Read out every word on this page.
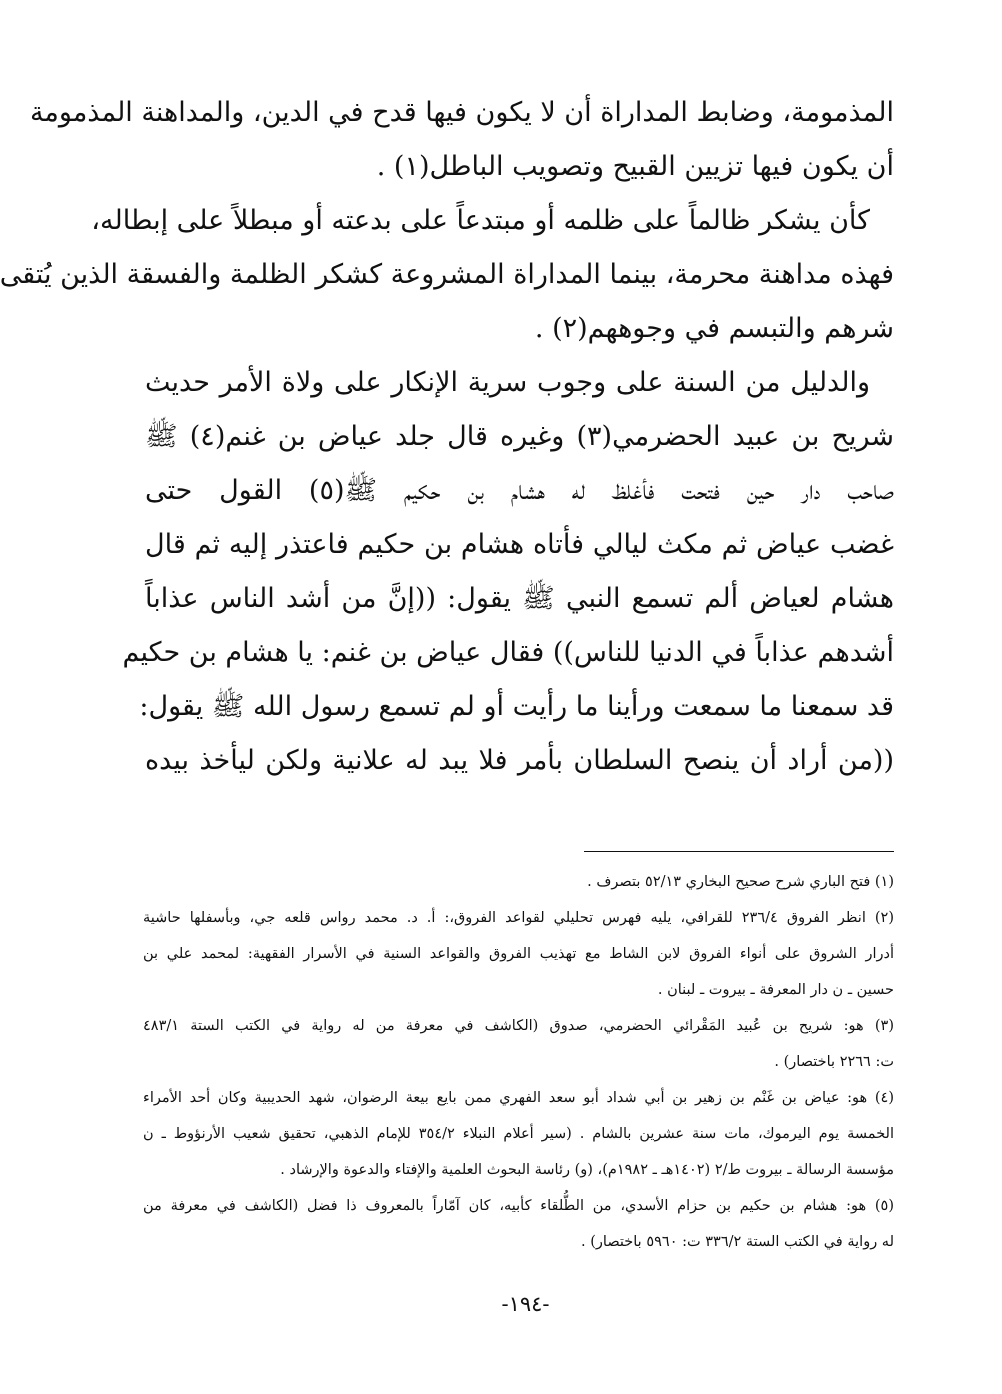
المذمومة، وضابط المداراة أن لا يكون فيها قدح في الدين، والمداهنة المذمومة
أن يكون فيها تزيين القبيح وتصويب الباطل(١) .
كأن يشكر ظالماً على ظلمه أو مبتدعاً على بدعته أو مبطلاً على إبطاله،
فهذه مداهنة محرمة، بينما المداراة المشروعة كشكر الظلمة والفسقة الذين يُتقى
شرهم والتبسم في وجوههم(٢) .
والدليل من السنة على وجوب سرية الإنكار على ولاة الأمر حديث
شريح بن عبيد الحضرمي(٣) وغيره قال جلد عياض بن غنم(٤) ﷺ
صاحب دار حين فتحت فأغلظ له هشام بن حكيم ﷺ(٥) القول حتى
غضب عياض ثم مكث ليالي فأتاه هشام بن حكيم فاعتذر إليه ثم قال
هشام لعياض ألم تسمع النبي ﷺ يقول: ((إنَّ من أشد الناس عذاباً
أشدهم عذاباً في الدنيا للناس)) فقال عياض بن غنم: يا هشام بن حكيم
قد سمعنا ما سمعت ورأينا ما رأيت أو لم تسمع رسول الله ﷺ يقول:
((من أراد أن ينصح السلطان بأمر فلا يبد له علانية ولكن ليأخذ بيده
(١) فتح الباري شرح صحيح البخاري ٥٢/١٣ بتصرف .
(٢) انظر الفروق ٢٣٦/٤ للقرافي، يليه فهرس تحليلي لقواعد الفروق،: أ. د. محمد رواس قلعه جي، وبأسفلها حاشية
أدرار الشروق على أنواء الفروق لابن الشاط مع تهذيب الفروق والقواعد السنية في الأسرار الفقهية: لمحمد علي بن
حسين ـ ن دار المعرفة ـ بيروت ـ لبنان .
(٣) هو: شريح بن عُبيد المَقْرائي الحضرمي، صدوق (الكاشف في معرفة من له رواية في الكتب الستة ٤٨٣/١
ت: ٢٢٦٦ باختصار) .
(٤) هو: عياض بن غَنْم بن زهير بن أبي شداد أبو سعد الفهري ممن بايع بيعة الرضوان، شهد الحديبية وكان أحد الأمراء
الخمسة يوم اليرموك، مات سنة عشرين بالشام . (سير أعلام النبلاء ٣٥٤/٢ للإمام الذهبي، تحقيق شعيب الأرنؤوط ـ ن
مؤسسة الرسالة ـ بيروت ط/٢ (١٤٠٢هـ ـ ١٩٨٢م)، (و) رئاسة البحوث العلمية والإفتاء والدعوة والإرشاد .
(٥) هو: هشام بن حكيم بن حزام الأسدي، من الطُّلقاء كأبيه، كان آمّاراً بالمعروف ذا فضل (الكاشف في معرفة من
له رواية في الكتب الستة ٣٣٦/٢ ت: ٥٩٦٠ باختصار) .
-١٩٤-
